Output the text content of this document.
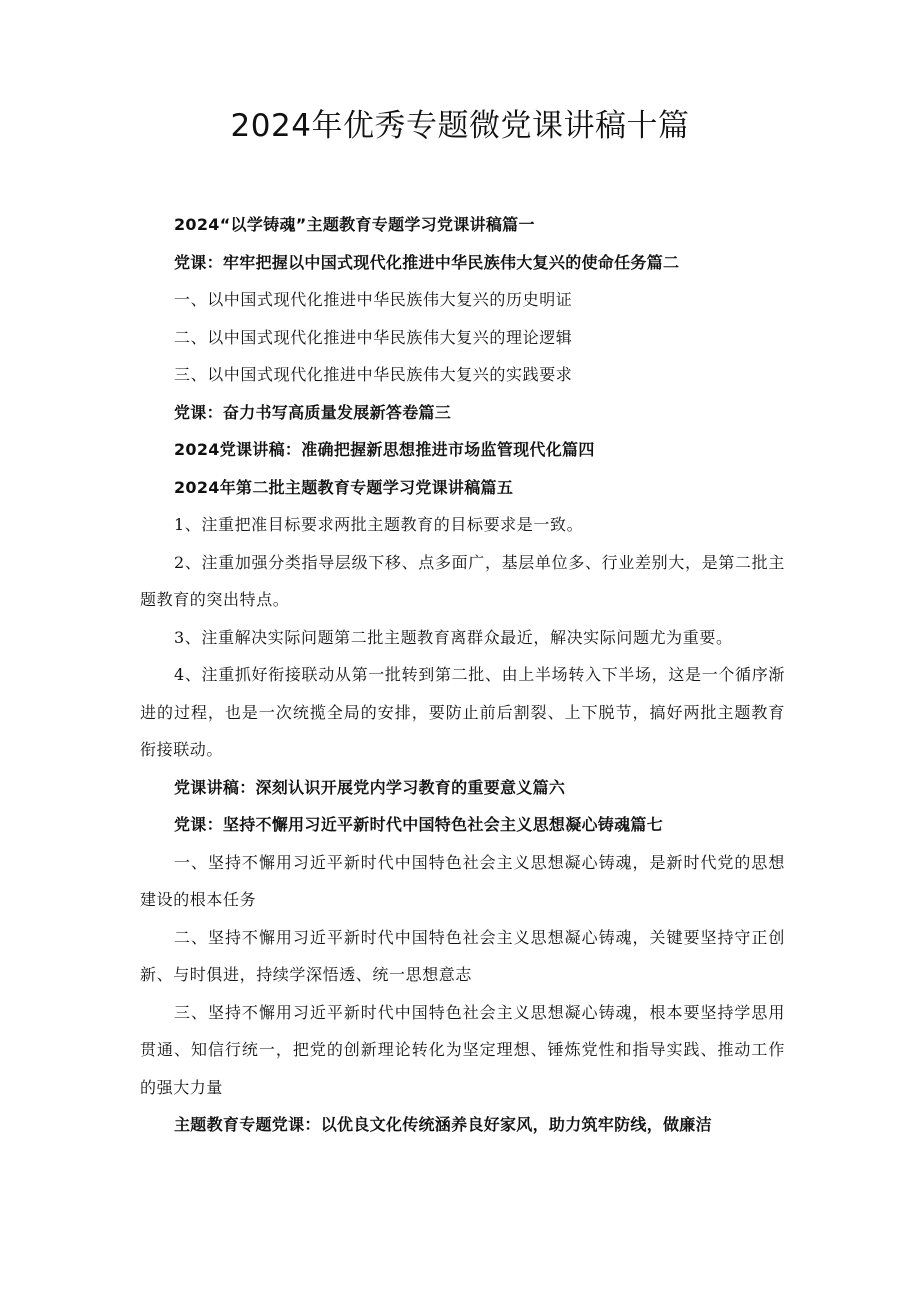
2024年优秀专题微党课讲稿十篇

2024“以学铸魂”主题教育专题学习党课讲稿篇一

党课：牢牢把握以中国式现代化推进中华民族伟大复兴的使命任务篇二

一、以中国式现代化推进中华民族伟大复兴的历史明证

二、以中国式现代化推进中华民族伟大复兴的理论逻辑

三、以中国式现代化推进中华民族伟大复兴的实践要求

党课：奋力书写高质量发展新答卷篇三

2024党课讲稿：准确把握新思想推进市场监管现代化篇四

2024年第二批主题教育专题学习党课讲稿篇五

1、注重把准目标要求两批主题教育的目标要求是一致。

2、注重加强分类指导层级下移、点多面广，基层单位多、行业差别大，是第二批主题教育的突出特点。

3、注重解决实际问题第二批主题教育离群众最近，解决实际问题尤为重要。

4、注重抓好衔接联动从第一批转到第二批、由上半场转入下半场，这是一个循序渐进的过程，也是一次统揽全局的安排，要防止前后割裂、上下脱节，搞好两批主题教育衔接联动。

党课讲稿：深刻认识开展党内学习教育的重要意义篇六

党课：坚持不懈用习近平新时代中国特色社会主义思想凝心铸魂篇七

一、坚持不懈用习近平新时代中国特色社会主义思想凝心铸魂，是新时代党的思想建设的根本任务

二、坚持不懈用习近平新时代中国特色社会主义思想凝心铸魂，关键要坚持守正创新、与时俱进，持续学深悟透、统一思想意志

三、坚持不懈用习近平新时代中国特色社会主义思想凝心铸魂，根本要坚持学思用贯通、知信行统一，把党的创新理论转化为坚定理想、锤炼党性和指导实践、推动工作的强大力量

主题教育专题党课：以优良文化传统涵养良好家风，助力筑牢防线，做廉洁
